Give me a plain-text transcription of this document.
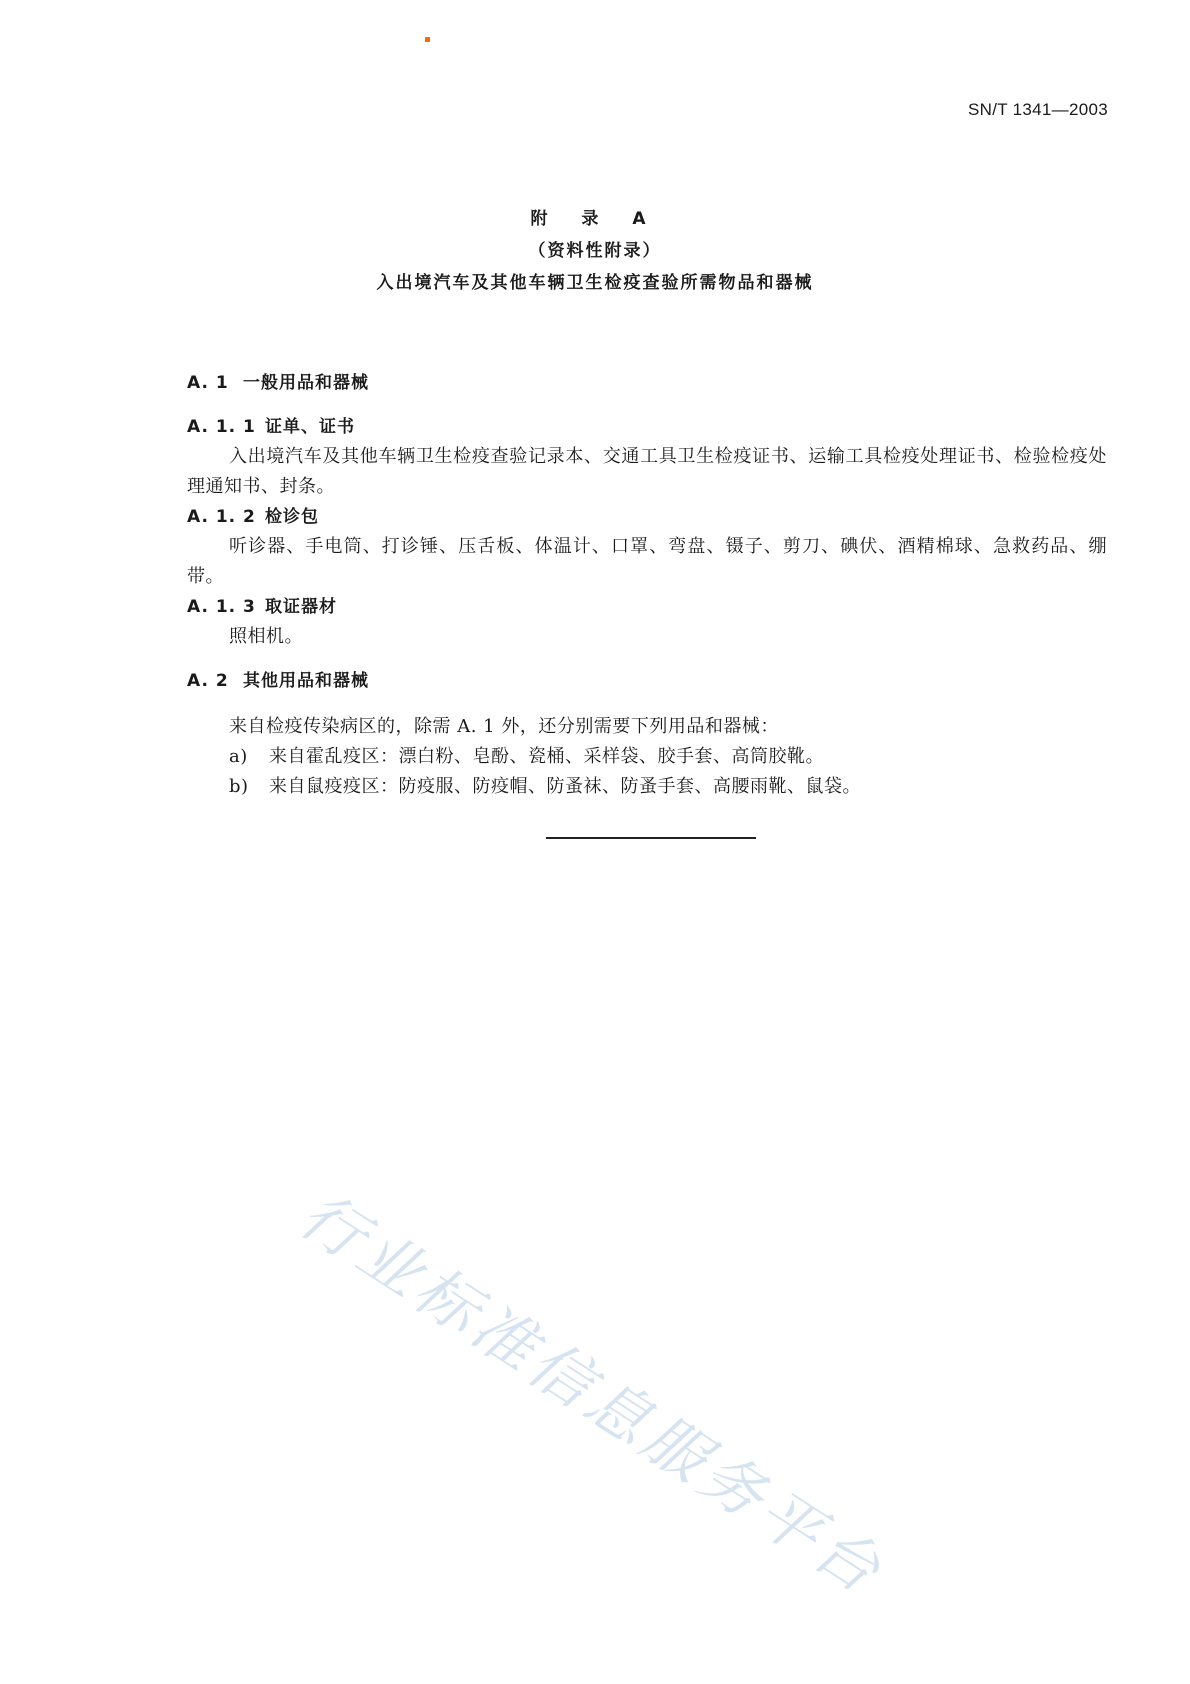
SN/T 1341—2003
附 录 A
（资料性附录）
入出境汽车及其他车辆卫生检疫查验所需物品和器械
A. 1 一般用品和器械
A. 1. 1 证单、证书
入出境汽车及其他车辆卫生检疫查验记录本、交通工具卫生检疫证书、运输工具检疫处理证书、检验检疫处理通知书、封条。
A. 1. 2 检诊包
听诊器、手电筒、打诊锤、压舌板、体温计、口罩、弯盘、镊子、剪刀、碘伏、酒精棉球、急救药品、绷带。
A. 1. 3 取证器材
照相机。
A. 2 其他用品和器械
来自检疫传染病区的，除需 A. 1 外，还分别需要下列用品和器械：
a) 来自霍乱疫区：漂白粉、皂酚、瓷桶、采样袋、胶手套、高筒胶靴。
b) 来自鼠疫疫区：防疫服、防疫帽、防蚤袜、防蚤手套、高腰雨靴、鼠袋。
行业标准信息服务平台
